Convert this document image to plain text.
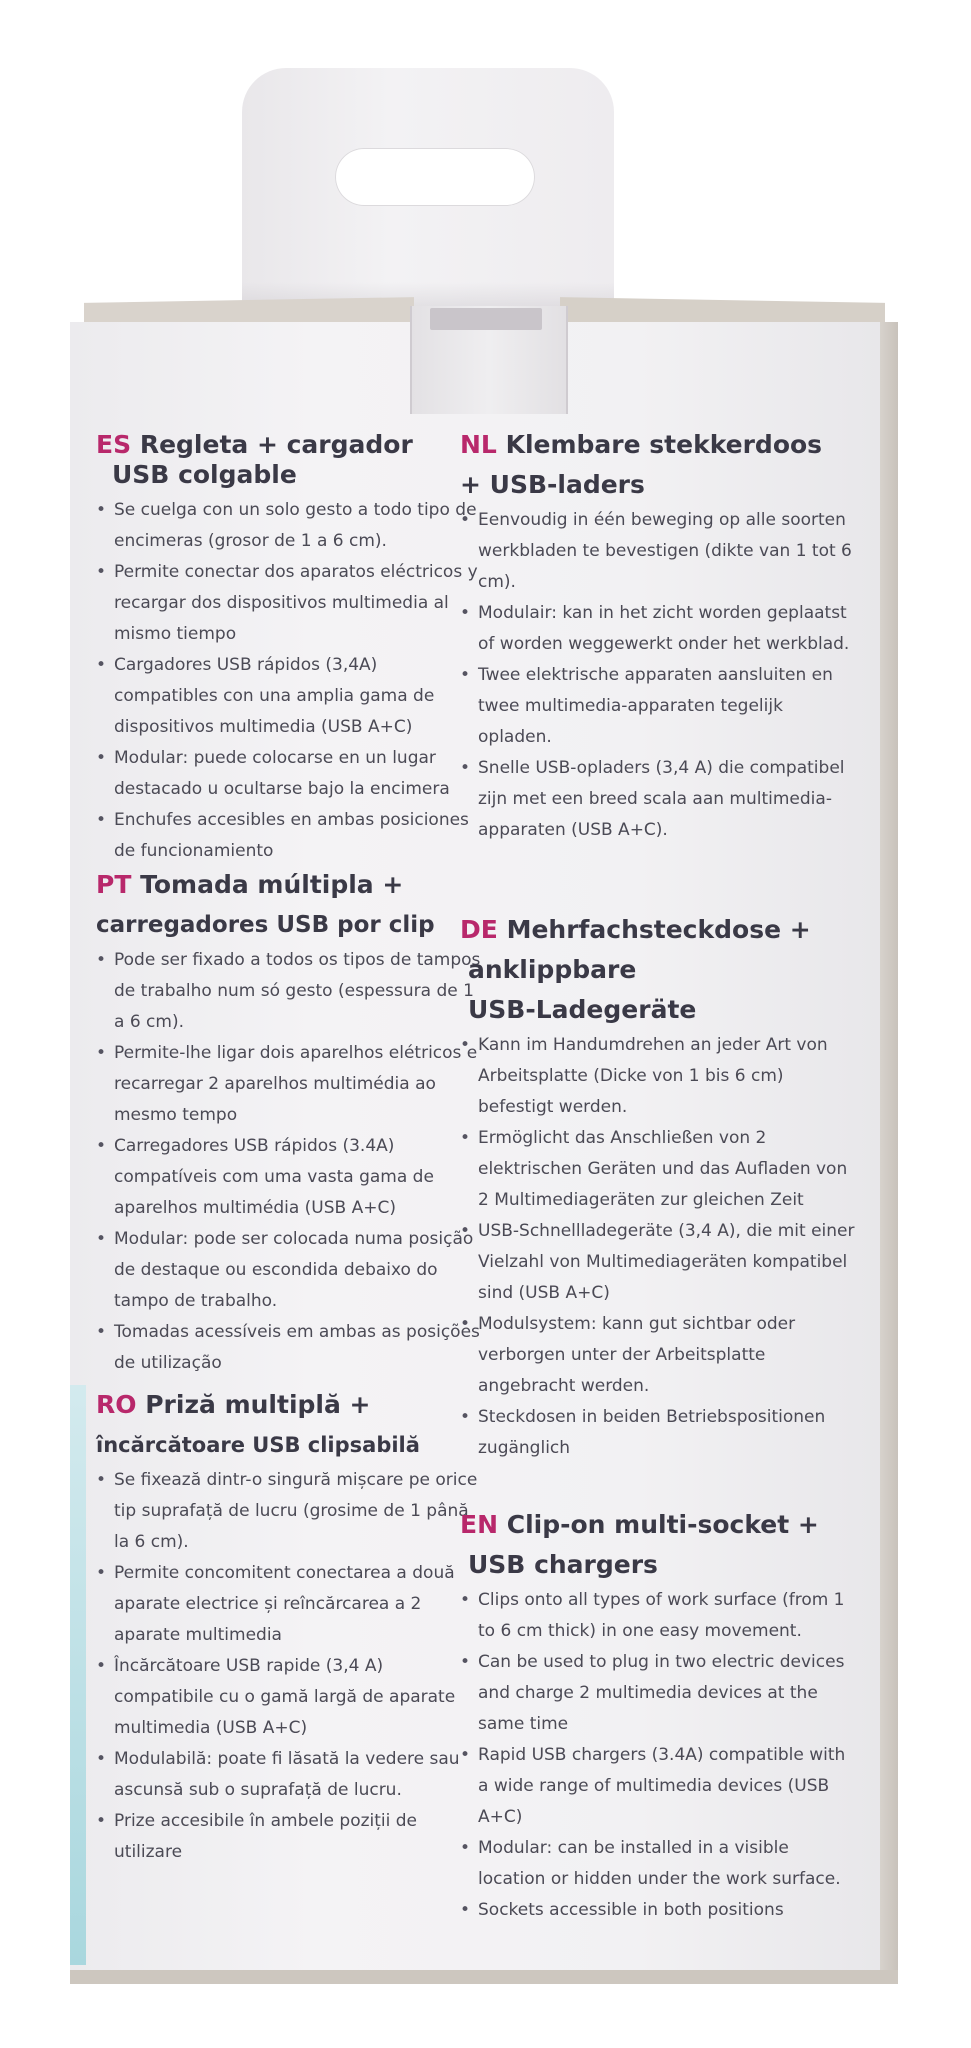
ES Regleta + cargador
USB colgable
• Se cuelga con un solo gesto a todo tipo de encimeras (grosor de 1 a 6 cm).
• Permite conectar dos aparatos eléctricos y recargar dos dispositivos multimedia al mismo tiempo
• Cargadores USB rápidos (3,4A) compatibles con una amplia gama de dispositivos multimedia (USB A+C)
• Modular: puede colocarse en un lugar destacado u ocultarse bajo la encimera
• Enchufes accesibles en ambas posiciones de funcionamiento
PT Tomada múltipla +
carregadores USB por clip
• Pode ser fixado a todos os tipos de tampos de trabalho num só gesto (espessura de 1 a 6 cm).
• Permite-lhe ligar dois aparelhos elétricos e recarregar 2 aparelhos multimédia ao mesmo tempo
• Carregadores USB rápidos (3.4A) compatíveis com uma vasta gama de aparelhos multimédia (USB A+C)
• Modular: pode ser colocada numa posição de destaque ou escondida debaixo do tampo de trabalho.
• Tomadas acessíveis em ambas as posições de utilização
RO Priză multiplă +
încărcătoare USB clipsabilă
• Se fixează dintr-o singură mișcare pe orice tip suprafață de lucru (grosime de 1 până la 6 cm).
• Permite concomitent conectarea a două aparate electrice și reîncărcarea a 2 aparate multimedia
• Încărcătoare USB rapide (3,4 A) compatibile cu o gamă largă de aparate multimedia (USB A+C)
• Modulabilă: poate fi lăsată la vedere sau ascunsă sub o suprafață de lucru.
• Prize accesibile în ambele poziții de utilizare
NL Klembare stekkerdoos
+ USB-laders
• Eenvoudig in één beweging op alle soorten werkbladen te bevestigen (dikte van 1 tot 6 cm).
• Modulair: kan in het zicht worden geplaatst of worden weggewerkt onder het werkblad.
• Twee elektrische apparaten aansluiten en twee multimedia-apparaten tegelijk opladen.
• Snelle USB-opladers (3,4 A) die compatibel zijn met een breed scala aan multimedia-apparaten (USB A+C).
DE Mehrfachsteckdose +
anklippbare
USB-Ladegeräte
• Kann im Handumdrehen an jeder Art von Arbeitsplatte (Dicke von 1 bis 6 cm) befestigt werden.
• Ermöglicht das Anschließen von 2 elektrischen Geräten und das Aufladen von 2 Multimediageräten zur gleichen Zeit
• USB-Schnellladegeräte (3,4 A), die mit einer Vielzahl von Multimediageräten kompatibel sind (USB A+C)
• Modulsystem: kann gut sichtbar oder verborgen unter der Arbeitsplatte angebracht werden.
• Steckdosen in beiden Betriebspositionen zugänglich
EN Clip-on multi-socket +
USB chargers
• Clips onto all types of work surface (from 1 to 6 cm thick) in one easy movement.
• Can be used to plug in two electric devices and charge 2 multimedia devices at the same time
• Rapid USB chargers (3.4A) compatible with a wide range of multimedia devices (USB A+C)
• Modular: can be installed in a visible location or hidden under the work surface.
• Sockets accessible in both positions
